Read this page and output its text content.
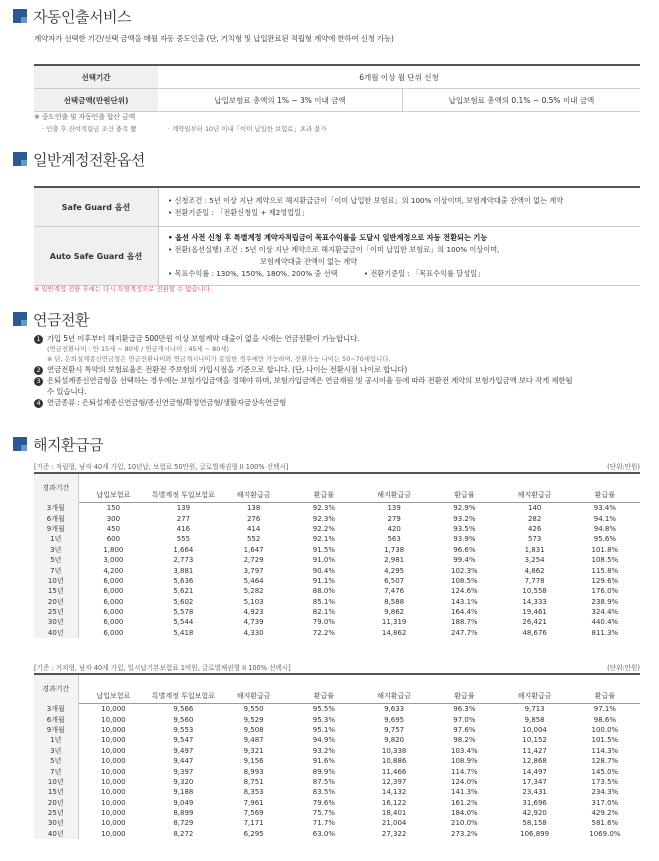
자동인출서비스
계약자가 선택한 기간/선택 금액을 매월 자동 중도인출 (단, 거치형 및 납입완료된 적립형 계약에 한하여 신청 가능)
선택기간	6개월 이상 월 단위 신청	
선택금액(만원단위)	납입보험료 총액의 1% ~ 3% 이내 금액	납입보험료 총액의 0.1% ~ 0.5% 이내 금액
※ 중도인출 및 자동인출 합산 금액
· 인출 후 잔여적립금 조건 충족 要	· 계약일부터 10년 이내「이미 납입한 보험료」초과 불가
일반계정전환옵션
Safe Guard 옵션	• 신청조건 : 5년 이상 지난 계약으로 해지환급금이「이미 납입한 보험료」의 100% 이상이며, 보험계약대출 잔액이 없는 계약
• 전환기준일 : 「전환신청일 + 제2영업일」

Auto Safe Guard 옵션	• 옵션 사전 신청 후 특별계정 계약자적립금이 목표수익률을 도달시 일반계정으로 자동 전환되는 기능
• 전환(옵션실행) 조건 : 5년 이상 지난 계약으로 해지환급금이「이미 납입한 보험료」의 100% 이상이며,
보험계약대출 잔액이 없는 계약
• 목표수익률 : 130%, 150%, 180%, 200% 중 선택 • 전환기준일 : 「목표수익률 달성일」
※ 일반계정 전환 후에는 다시 특별계정으로 전환할 수 없습니다.
연금전환
1 가입 5년 이후부터 해지환급금 500만원 이상 보험계약 대출이 없을 시에는 연금전환이 가능합니다.
(연금전환나이 : 만 15세 ~ 80세 / 연금개시나이 : 45세 ~ 80세)
※ 단, 은퇴설계종신연금형은 연금전환나이와 연금개시나이가 동일한 경우에만 가능하며, 전환가능 나이는 50~70세입니다.
2 연금전환시 특약의 보험료율은 전환전 주보험의 가입시점을 기준으로 합니다. (단, 나이는 전환시점 나이로 합니다)
3 은퇴설계종신연금형을 선택하는 경우에는 보험가입금액을 정해야 하며, 보험가입금액은 연금재원 및 공시이율 등에 따라 전환전 계약의 보험가입금액 보다 작게 제한될
수 있습니다.
4 연금종류 : 은퇴설계종신연금형/종신연금형/확정연금형/생활자금상속연금형
해지환급금
[기준 : 적립형, 남자 40세 가입, 10년납, 보험료 50만원, 글로벌채권형 II 100% 선택시]	(단위:만원)
경과기간								
	납입보험료	특별계정 투입보험료	해지환급금	환급률	해지환급금	환급률	해지환급금	환급률
3개월	150	139	138	92.3%	139	92.9%	140	93.4%
6개월	300	277	276	92.3%	279	93.2%	282	94.1%
9개월	450	416	414	92.2%	420	93.5%	426	94.8%
1년	600	555	552	92.1%	563	93.9%	573	95.6%
3년	1,800	1,664	1,647	91.5%	1,738	96.6%	1,831	101.8%
5년	3,000	2,773	2,729	91.0%	2,981	99.4%	3,254	108.5%
7년	4,200	3,881	3,797	90.4%	4,295	102.3%	4,862	115.8%
10년	6,000	5,636	5,464	91.1%	6,507	108.5%	7,778	129.6%
15년	6,000	5,621	5,282	88.0%	7,476	124.6%	10,558	176.0%
20년	6,000	5,602	5,103	85.1%	8,588	143.1%	14,333	238.9%
25년	6,000	5,578	4,923	82.1%	9,862	164.4%	19,461	324.4%
30년	6,000	5,544	4,739	79.0%	11,319	188.7%	26,421	440.4%
40년	6,000	5,418	4,330	72.2%	14,862	247.7%	48,676	811.3%
[기준 : 거치형, 남자 40세 가입, 일시납기본보험료 1억원, 글로벌채권형 II 100% 선택시]	(단위:만원)
경과기간								
	납입보험료	특별계정 투입보험료	해지환급금	환급률	해지환급금	환급률	해지환급금	환급률
3개월	10,000	9,566	9,550	95.5%	9,633	96.3%	9,713	97.1%
6개월	10,000	9,560	9,529	95.3%	9,695	97.0%	9,858	98.6%
9개월	10,000	9,553	9,508	95.1%	9,757	97.6%	10,004	100.0%
1년	10,000	9,547	9,487	94.9%	9,820	98.2%	10,152	101.5%
3년	10,000	9,497	9,321	93.2%	10,338	103.4%	11,427	114.3%
5년	10,000	9,447	9,156	91.6%	10,886	108.9%	12,868	128.7%
7년	10,000	9,397	8,993	89.9%	11,466	114.7%	14,497	145.0%
10년	10,000	9,320	8,751	87.5%	12,397	124.0%	17,347	173.5%
15년	10,000	9,188	8,353	83.5%	14,132	141.3%	23,431	234.3%
20년	10,000	9,049	7,961	79.6%	16,122	161.2%	31,696	317.0%
25년	10,000	8,899	7,569	75.7%	18,401	184.0%	42,920	429.2%
30년	10,000	8,729	7,171	71.7%	21,004	210.0%	58,158	581.6%
40년	10,000	8,272	6,295	63.0%	27,322	273.2%	106,899	1069.0%
